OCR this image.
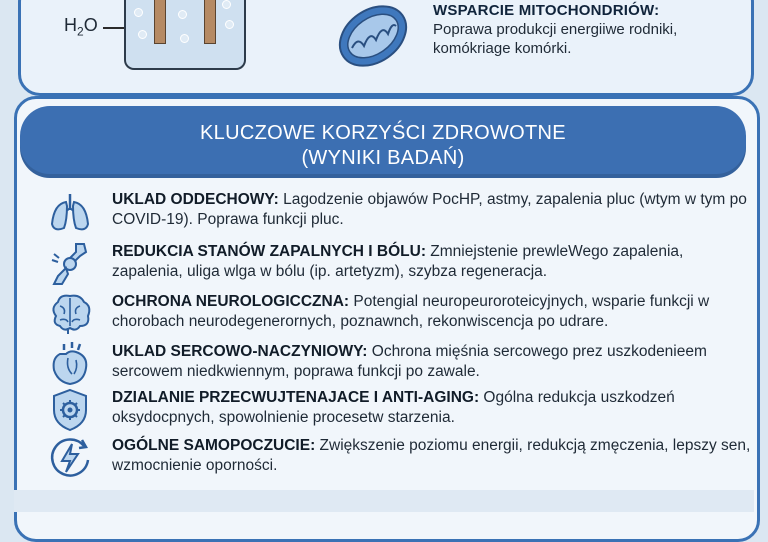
$H_2O$
WSPARCIE MITOCHONDRIÓW:
Poprawa produkcji energiiwe rodniki,
komókriage komórki.
KLUCZOWE KORZYŚCI ZDROWOTNE
(WYNIKI BADAŃ)
UKLAD ODDECHOWY: Lagodzenie objawów PocHP, astmy, zapalenia pluc (wtym w tym po COVID-19). Poprawa funkcji pluc.
REDUKCIA STANÓW ZAPALNYCH I BÓLU: Zmniejstenie prewleWego zapalenia, zapalenia, uliga wlga w bólu (ip. artetyzm), szybza regeneracja.
OCHRONA NEUROLOGICCZNA: Potengial neuropeuroroteicyjnych, wsparie funkcji w chorobach neurodegenerornych, poznawnch, rekonwiscencja po udrare.
UKLAD SERCOWO-NACZYNIOWY: Ochrona mięśnia sercowego prez uszkodenieem sercowem niedkwiennym, poprawa funkcji po zawale.
DZIALANIE PRZECWUJTENAJACE I ANTI-AGING: Ogólna redukcja uszkodzeń oksydocpnych, spowolnienie procesetw starzenia.
OGÓLNE SAMOPOCZUCIE: Zwiększenie poziomu energii, redukcją zmęczenia, lepszy sen, wzmocnienie oporności.
